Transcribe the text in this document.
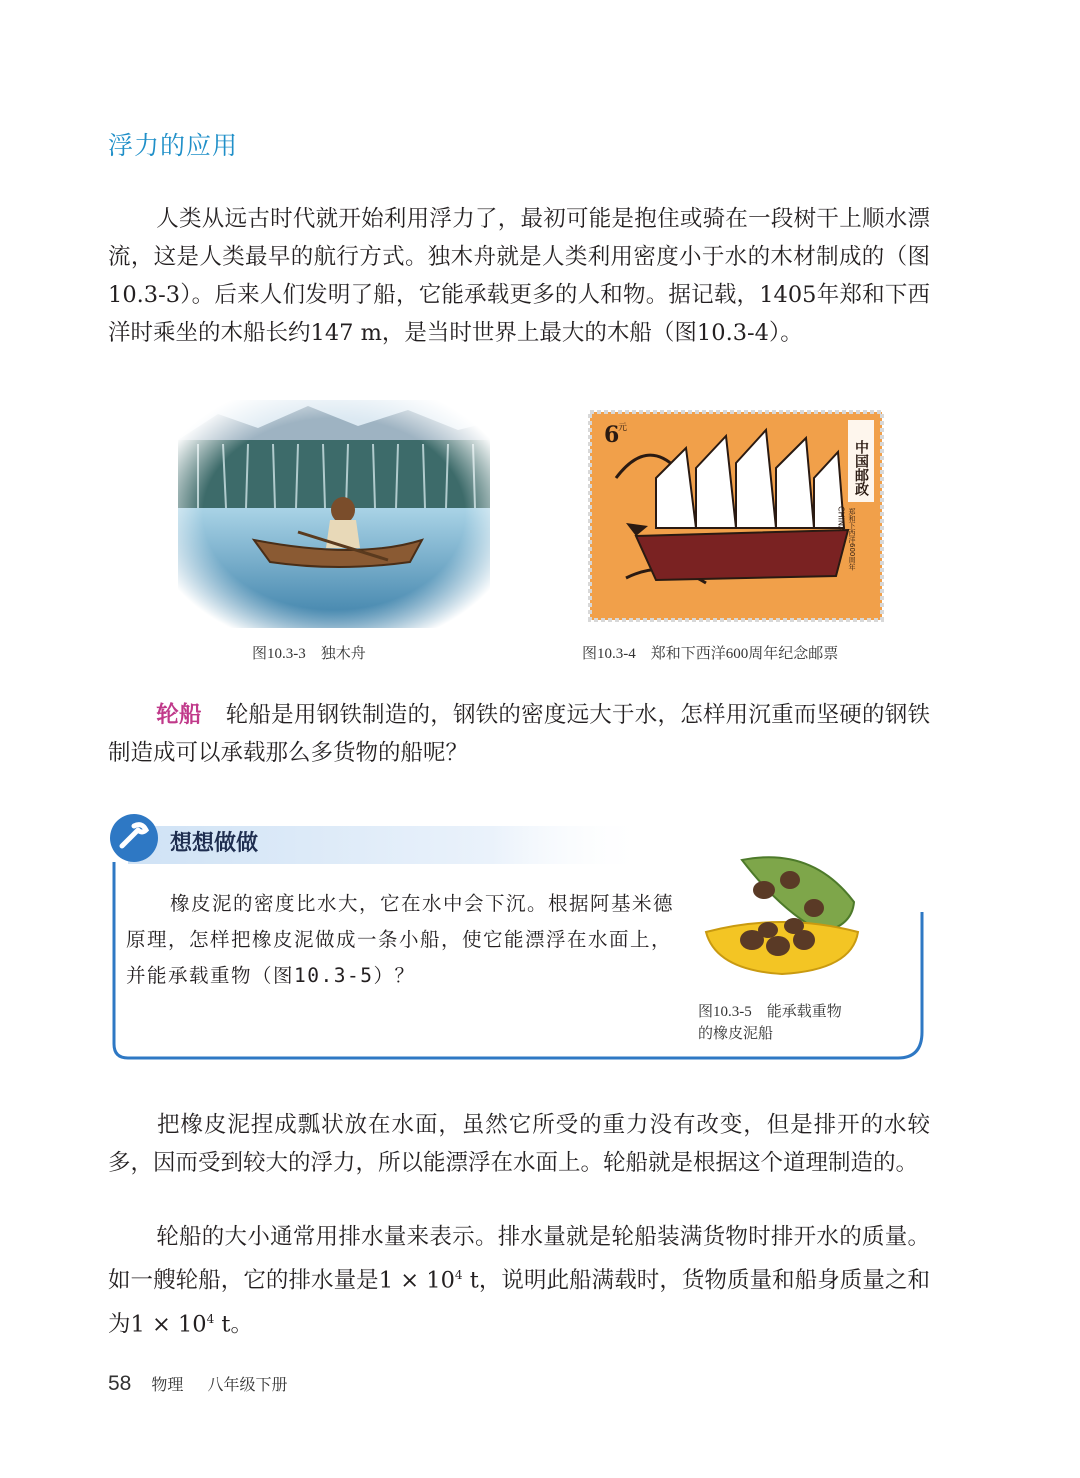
浮力的应用

人类从远古时代就开始利用浮力了，最初可能是抱住或骑在一段树干上顺水漂流，这是人类最早的航行方式。独木舟就是人类利用密度小于水的木材制成的（图10.3-3）。后来人们发明了船，它能承载更多的人和物。据记载，1405年郑和下西洋时乘坐的木船长约147 m，是当时世界上最大的木船（图10.3-4）。

图10.3-3　独木舟
6
元
中国邮政
CHINA 郑和下西洋600周年
图10.3-4　郑和下西洋600周年纪念邮票

轮船 轮船是用钢铁制造的，钢铁的密度远大于水，怎样用沉重而坚硬的钢铁制造成可以承载那么多货物的船呢？

想想做做

橡皮泥的密度比水大，它在水中会下沉。根据阿基米德原理，怎样把橡皮泥做成一条小船，使它能漂浮在水面上，并能承载重物（图10.3-5）？

图10.3-5　能承载重物
的橡皮泥船

把橡皮泥捏成瓢状放在水面，虽然它所受的重力没有改变，但是排开的水较多，因而受到较大的浮力，所以能漂浮在水面上。轮船就是根据这个道理制造的。

轮船的大小通常用排水量来表示。排水量就是轮船装满货物时排开水的质量。如一艘轮船，它的排水量是$1 \times 10^4$ t，说明此船满载时，货物质量和船身质量之和为$1 \times 10^4$ t。

58 物理 八年级下册
